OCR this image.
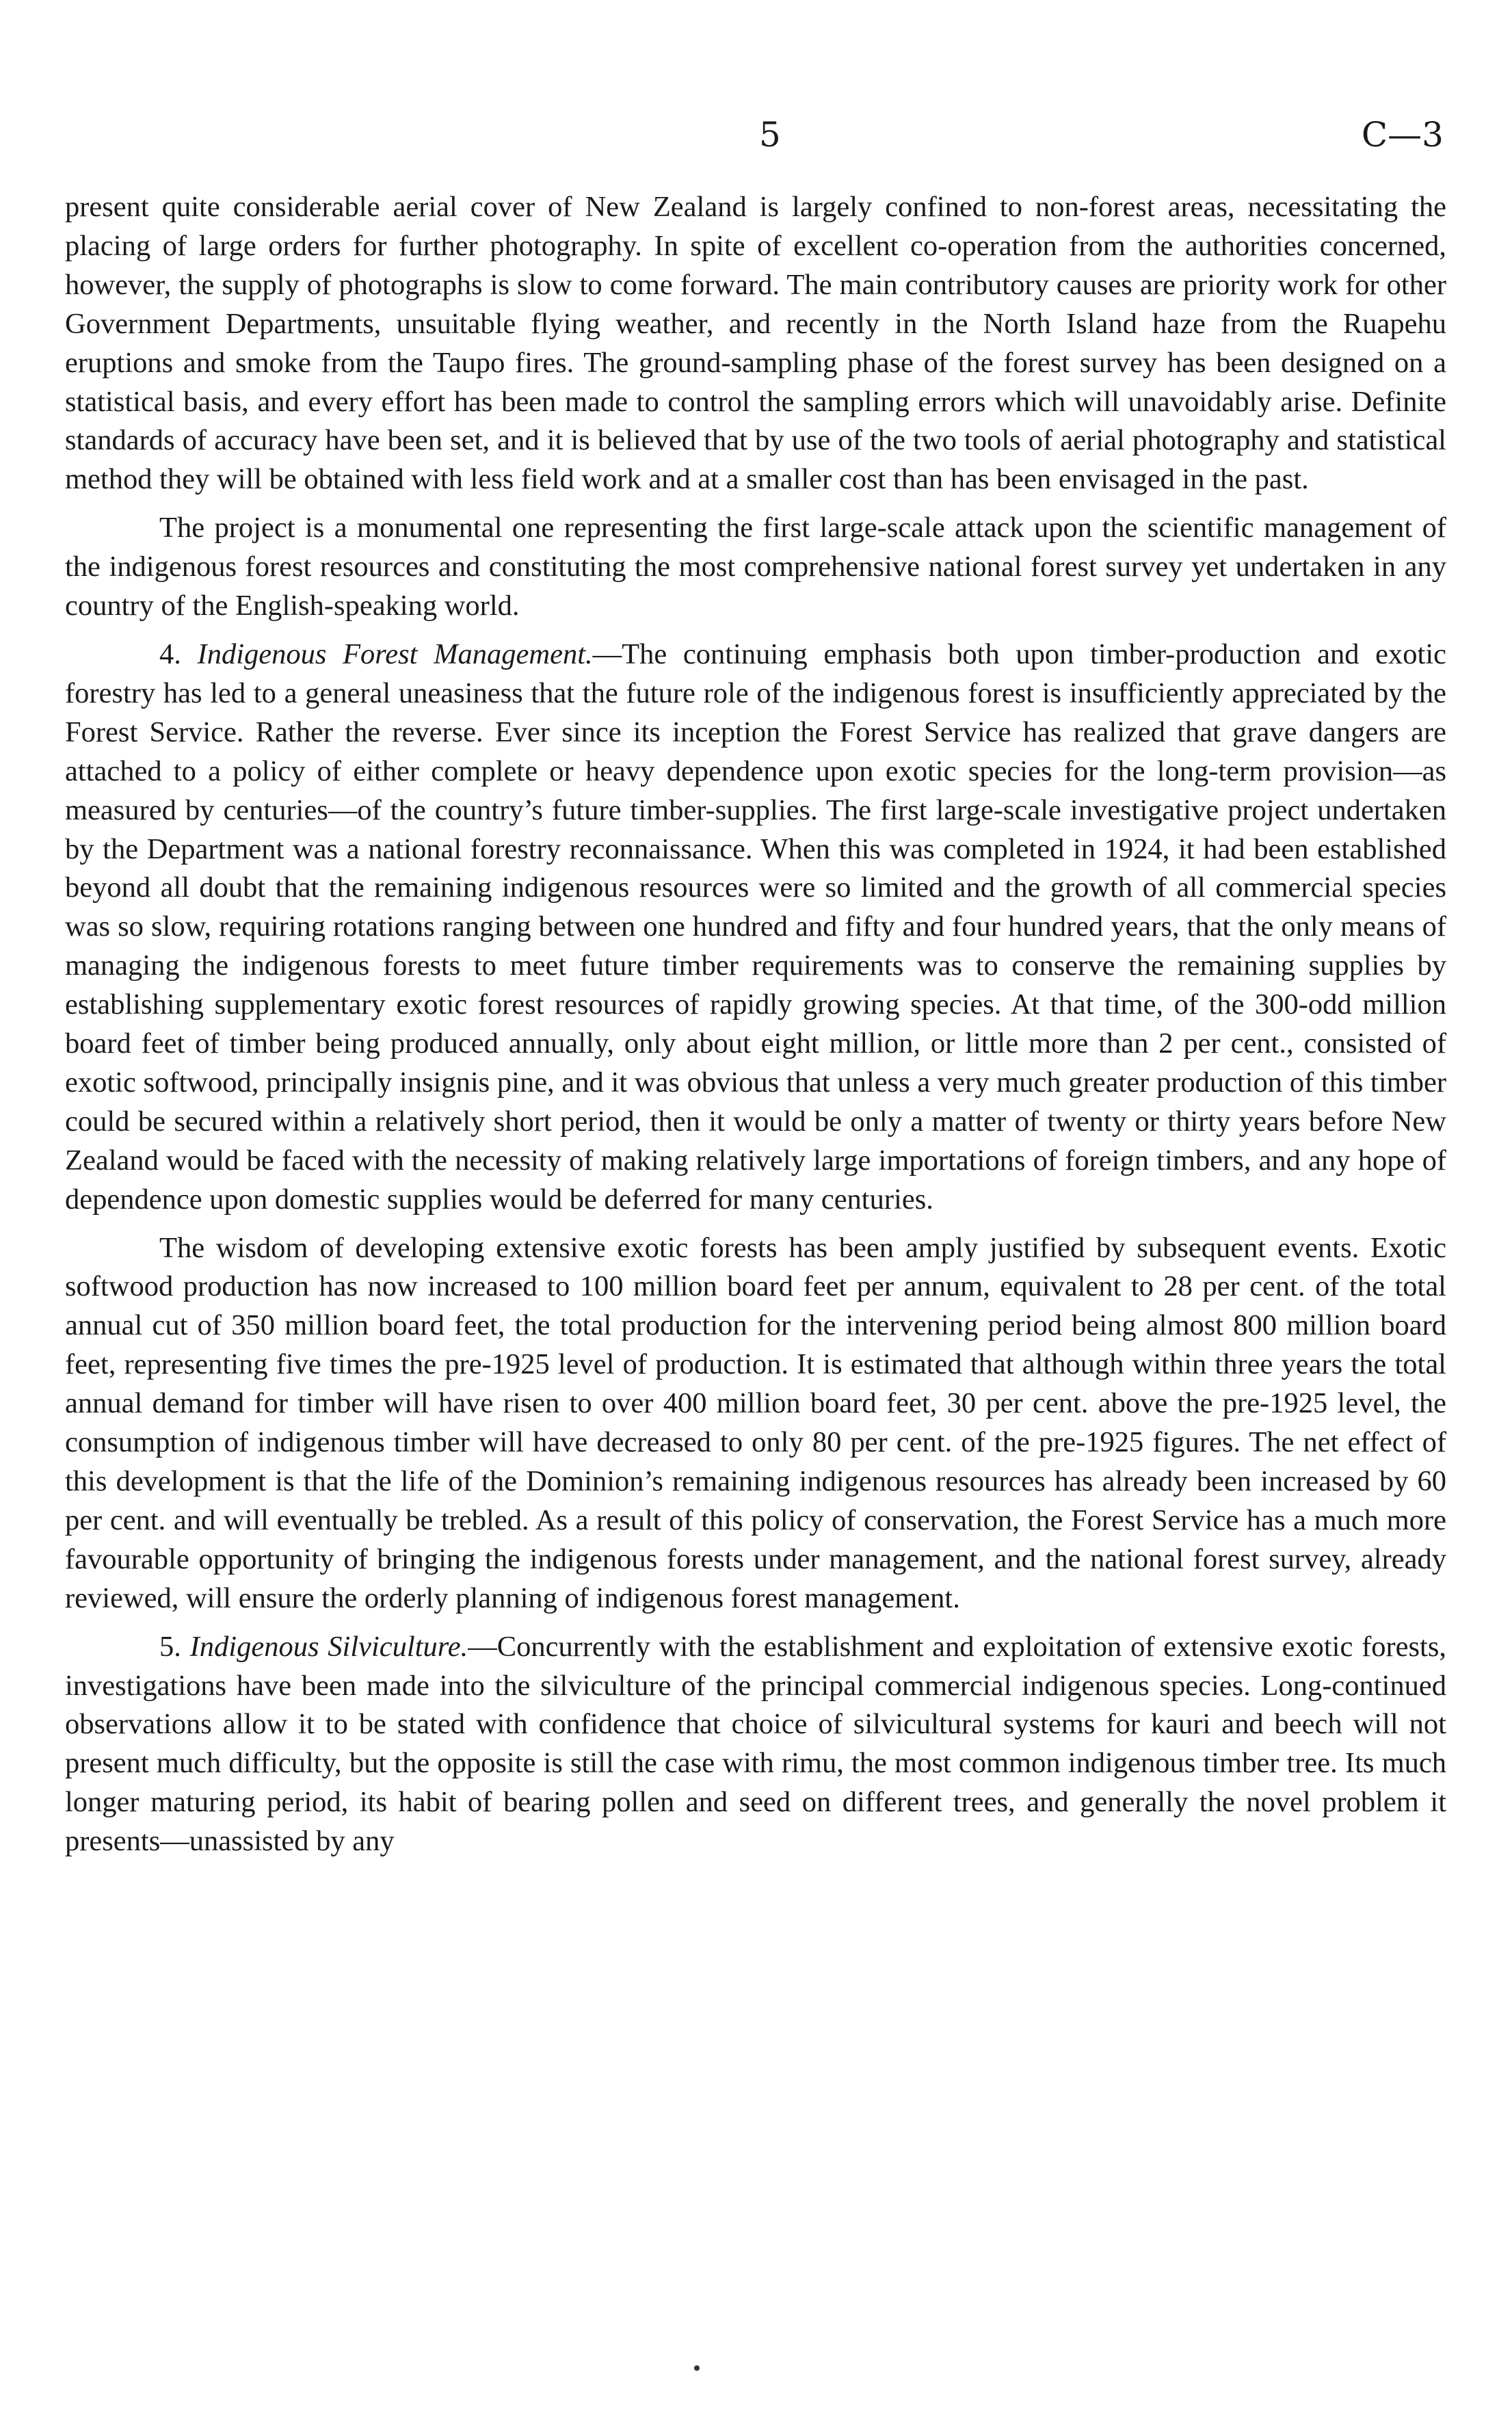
5	C—3

present quite considerable aerial cover of New Zealand is largely confined to non-forest areas, necessitating the placing of large orders for further photography. In spite of excellent co-operation from the authorities concerned, however, the supply of photographs is slow to come forward. The main contributory causes are priority work for other Government Departments, unsuitable flying weather, and recently in the North Island haze from the Ruapehu eruptions and smoke from the Taupo fires. The ground-sampling phase of the forest survey has been designed on a statistical basis, and every effort has been made to control the sampling errors which will unavoidably arise. Definite standards of accuracy have been set, and it is believed that by use of the two tools of aerial photography and statistical method they will be obtained with less field work and at a smaller cost than has been envisaged in the past.

The project is a monumental one representing the first large-scale attack upon the scientific management of the indigenous forest resources and constituting the most comprehensive national forest survey yet undertaken in any country of the English-speaking world.

4. Indigenous Forest Management.—The continuing emphasis both upon timber-production and exotic forestry has led to a general uneasiness that the future role of the indigenous forest is insufficiently appreciated by the Forest Service. Rather the reverse. Ever since its inception the Forest Service has realized that grave dangers are attached to a policy of either complete or heavy dependence upon exotic species for the long-term provision—as measured by centuries—of the country’s future timber-supplies. The first large-scale investigative project undertaken by the Department was a national forestry reconnaissance. When this was completed in 1924, it had been established beyond all doubt that the remaining indigenous resources were so limited and the growth of all commercial species was so slow, requiring rotations ranging between one hundred and fifty and four hundred years, that the only means of managing the indigenous forests to meet future timber requirements was to conserve the remaining supplies by establishing supplementary exotic forest resources of rapidly growing species. At that time, of the 300-odd million board feet of timber being produced annually, only about eight million, or little more than 2 per cent., consisted of exotic softwood, principally insignis pine, and it was obvious that unless a very much greater production of this timber could be secured within a relatively short period, then it would be only a matter of twenty or thirty years before New Zealand would be faced with the necessity of making relatively large importations of foreign timbers, and any hope of dependence upon domestic supplies would be deferred for many centuries.

The wisdom of developing extensive exotic forests has been amply justified by subsequent events. Exotic softwood production has now increased to 100 million board feet per annum, equivalent to 28 per cent. of the total annual cut of 350 million board feet, the total production for the intervening period being almost 800 million board feet, representing five times the pre-1925 level of production. It is estimated that although within three years the total annual demand for timber will have risen to over 400 million board feet, 30 per cent. above the pre-1925 level, the consumption of indigenous timber will have decreased to only 80 per cent. of the pre-1925 figures. The net effect of this development is that the life of the Dominion’s remaining indigenous resources has already been increased by 60 per cent. and will eventually be trebled. As a result of this policy of conservation, the Forest Service has a much more favourable opportunity of bringing the indigenous forests under management, and the national forest survey, already reviewed, will ensure the orderly planning of indigenous forest management.

5. Indigenous Silviculture.—Concurrently with the establishment and exploitation of extensive exotic forests, investigations have been made into the silviculture of the principal commercial indigenous species. Long-continued observations allow it to be stated with confidence that choice of silvicultural systems for kauri and beech will not present much difficulty, but the opposite is still the case with rimu, the most common indigenous timber tree. Its much longer maturing period, its habit of bearing pollen and seed on different trees, and generally the novel problem it presents—unassisted by any
